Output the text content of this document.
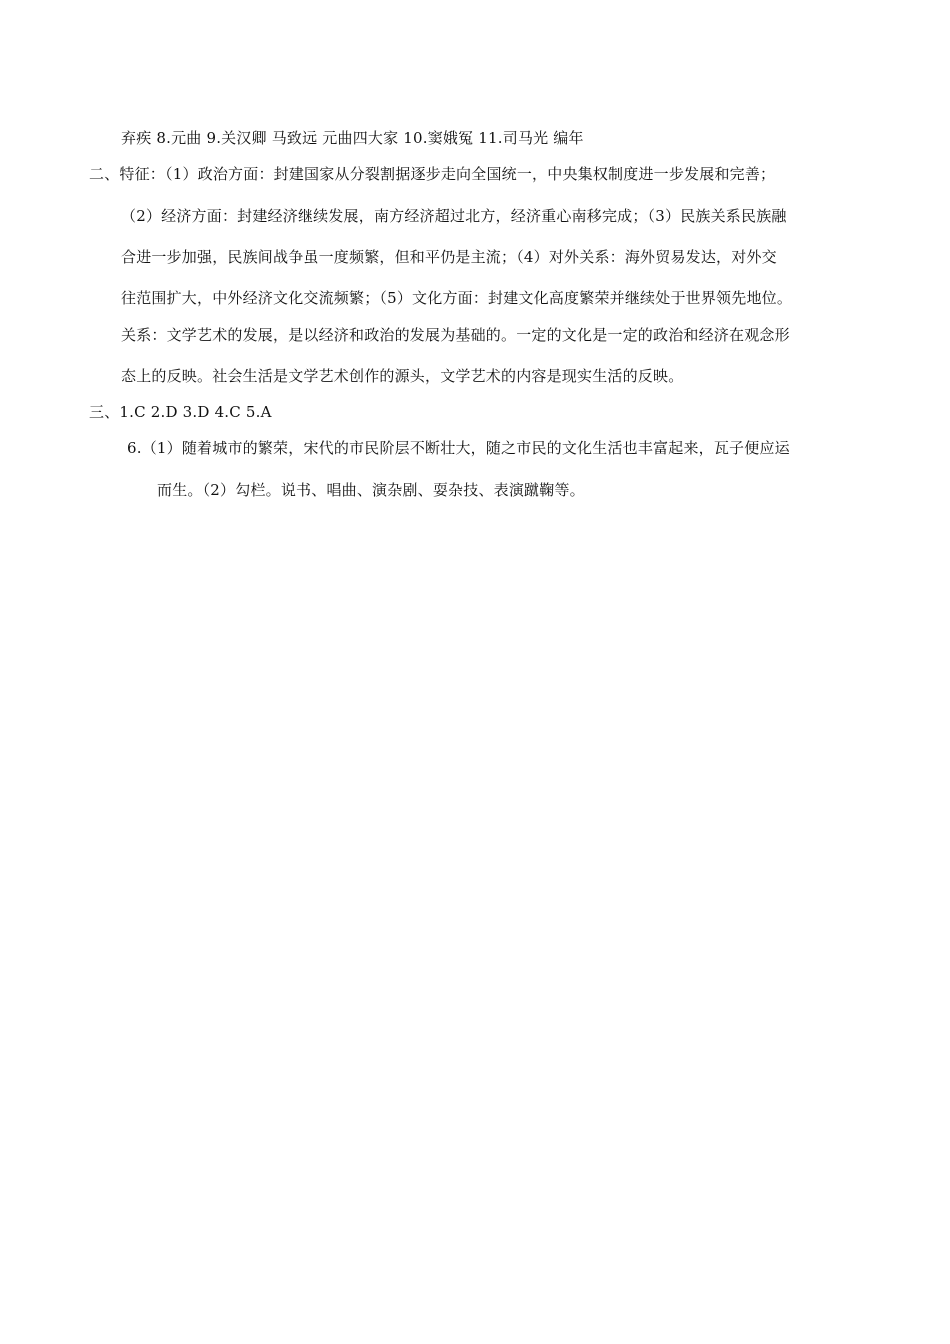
弃疾 8.元曲 9.关汉卿 马致远 元曲四大家 10.窦娥冤 11.司马光 编年
二、特征：（1）政治方面：封建国家从分裂割据逐步走向全国统一，中央集权制度进一步发展和完善；
（2）经济方面：封建经济继续发展，南方经济超过北方，经济重心南移完成；（3）民族关系民族融
合进一步加强，民族间战争虽一度频繁，但和平仍是主流；（4）对外关系：海外贸易发达，对外交
往范围扩大，中外经济文化交流频繁；（5）文化方面：封建文化高度繁荣并继续处于世界领先地位。
关系：文学艺术的发展，是以经济和政治的发展为基础的。一定的文化是一定的政治和经济在观念形
态上的反映。社会生活是文学艺术创作的源头，文学艺术的内容是现实生活的反映。
三、1.C 2.D 3.D 4.C 5.A
6.（1）随着城市的繁荣，宋代的市民阶层不断壮大，随之市民的文化生活也丰富起来，瓦子便应运
而生。（2）勾栏。说书、唱曲、演杂剧、耍杂技、表演蹴鞠等。
